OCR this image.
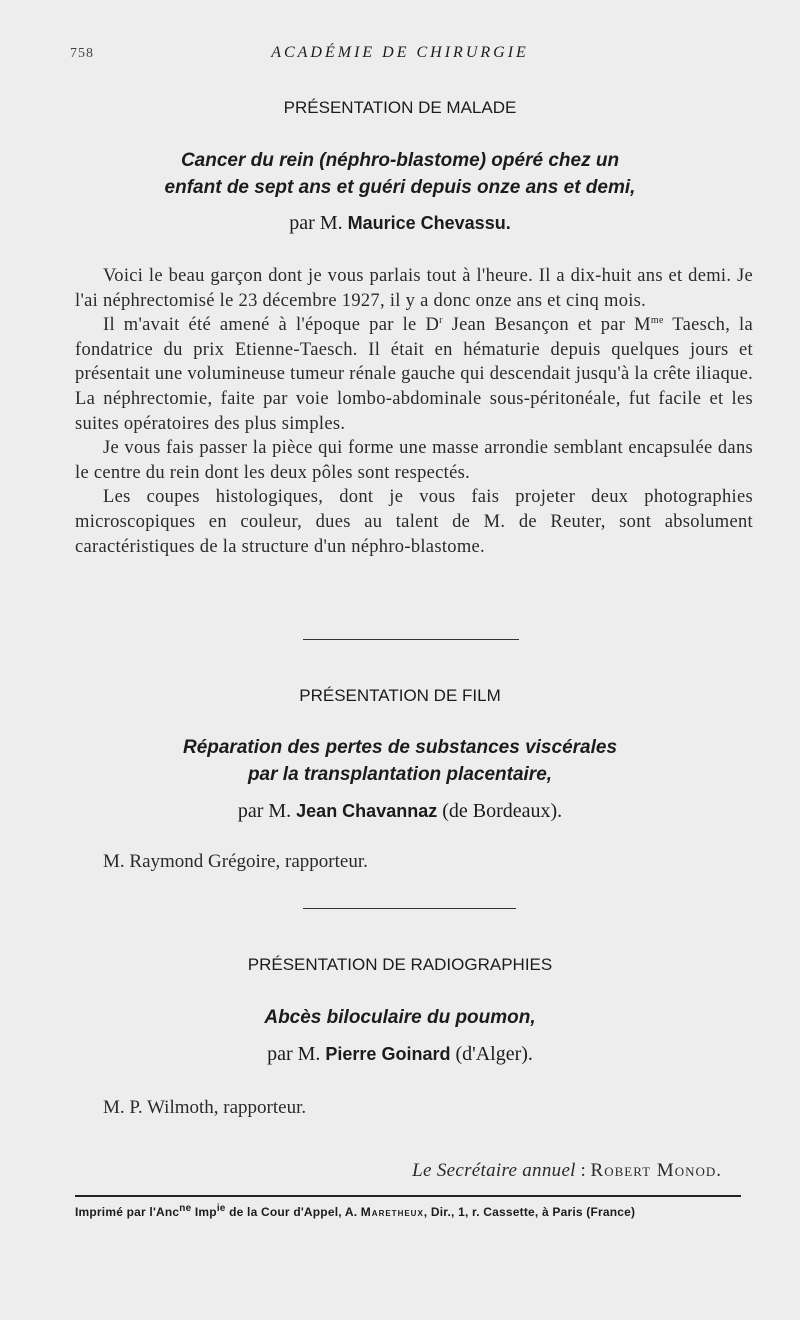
758	ACADÉMIE DE CHIRURGIE
PRÉSENTATION DE MALADE
Cancer du rein (néphro-blastome) opéré chez un
enfant de sept ans et guéri depuis onze ans et demi,
par M. Maurice Chevassu.

Voici le beau garçon dont je vous parlais tout à l'heure. Il a dix-huit ans et demi. Je l'ai néphrectomisé le 23 décembre 1927, il y a donc onze ans et cinq mois.

Il m'avait été amené à l'époque par le $D^r$ Jean Besançon et par $M^{me}$ Taesch, la fondatrice du prix Etienne-Taesch. Il était en hématurie depuis quelques jours et présentait une volumineuse tumeur rénale gauche qui descendait jusqu'à la crête iliaque. La néphrectomie, faite par voie lombo-abdominale sous-péritonéale, fut facile et les suites opératoires des plus simples.

Je vous fais passer la pièce qui forme une masse arrondie semblant encapsulée dans le centre du rein dont les deux pôles sont respectés.

Les coupes histologiques, dont je vous fais projeter deux photographies microscopiques en couleur, dues au talent de M. de Reuter, sont absolument caractéristiques de la structure d'un néphro-blastome.

PRÉSENTATION DE FILM
Réparation des pertes de substances viscérales
par la transplantation placentaire,
par M. Jean Chavannaz (de Bordeaux).
M. Raymond Grégoire, rapporteur.
PRÉSENTATION DE RADIOGRAPHIES
Abcès biloculaire du poumon,
par M. Pierre Goinard (d'Alger).
M. P. Wilmoth, rapporteur.
Le Secrétaire annuel : Robert Monod.
Imprimé par l'Anc$^{ne}$ Imp$^{ie}$ de la Cour d'Appel, A. Maretheux, Dir., 1, r. Cassette, à Paris (France)
